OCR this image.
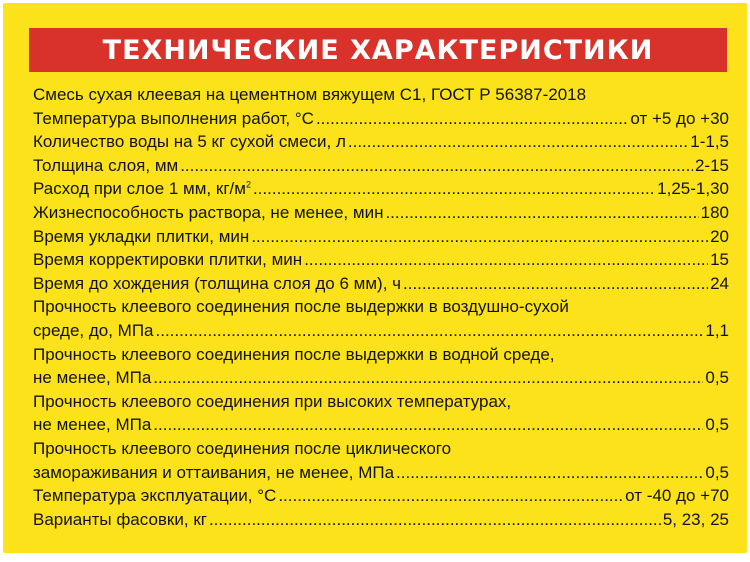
ТЕХНИЧЕСКИЕ ХАРАКТЕРИСТИКИ
Смесь сухая клеевая на цементном вяжущем С1, ГОСТ Р 56387-2018
Температура выполнения работ, °С .....	от +5 до +30
Количество воды на 5 кг сухой смеси, л .....	1-1,5
Толщина слоя, мм .....	2-15
Расход при слое 1 мм, $кг/м^2$ .....	1,25-1,30
Жизнеспособность раствора, не менее, мин .....	180
Время укладки плитки, мин .....	20
Время корректировки плитки, мин .....	15
Время до хождения (толщина слоя до 6 мм), ч .....	24
Прочность клеевого соединения после выдержки в воздушно-сухой
среде, до, МПа .....	1,1
Прочность клеевого соединения после выдержки в водной среде,
не менее, МПа .....	0,5
Прочность клеевого соединения при высоких температурах,
не менее, МПа .....	0,5
Прочность клеевого соединения после циклического
замораживания и оттаивания, не менее, МПа .....	0,5
Температура эксплуатации, °С .....	от -40 до +70
Варианты фасовки, кг .....	5, 23, 25
